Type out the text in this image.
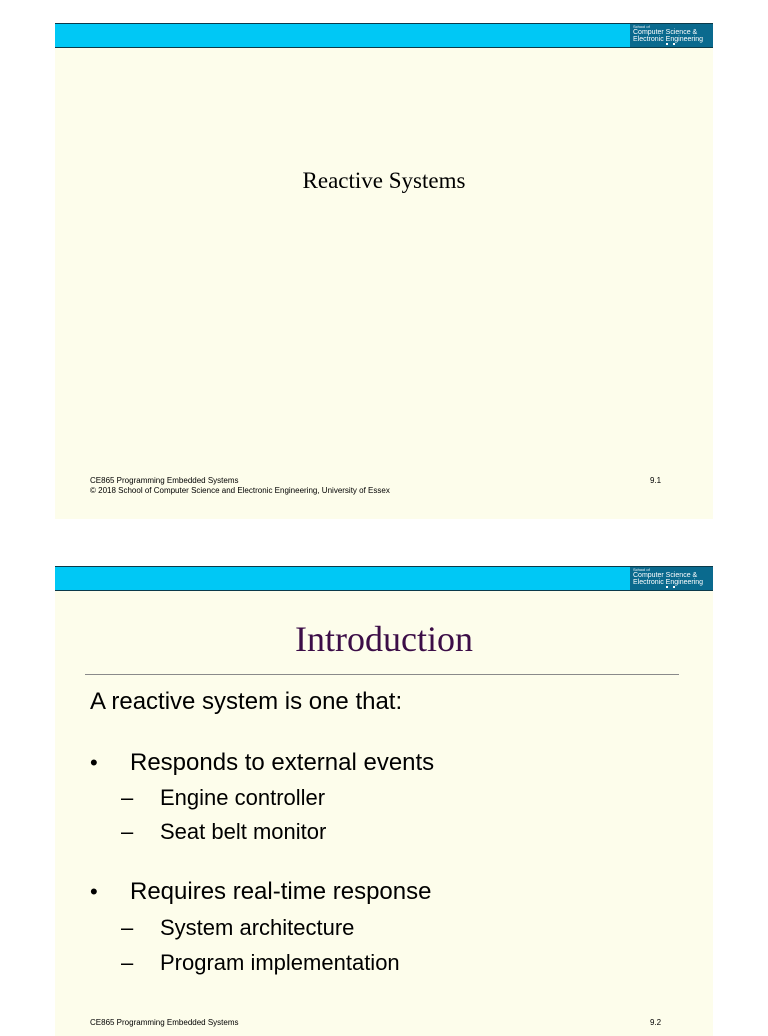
School of
Computer Science &
Electronic Engineering
Reactive Systems
CE865 Programming Embedded Systems
© 2018 School of Computer Science and Electronic Engineering, University of Essex
9.1
School of
Computer Science &
Electronic Engineering
Introduction
A reactive system is one that:
• Responds to external events
– Engine controller
– Seat belt monitor
• Requires real-time response
– System architecture
– Program implementation
CE865 Programming Embedded Systems	9.2
